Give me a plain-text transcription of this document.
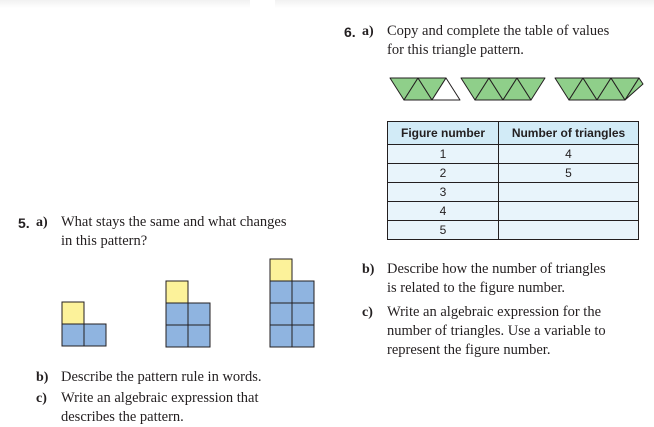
6. a) Copy and complete the table of values
for this triangle pattern.
Figure number	Number of triangles
1	4
2	5
3	
4	
5	
b) Describe how the number of triangles
is related to the figure number.
c) Write an algebraic expression for the
number of triangles. Use a variable to
represent the figure number.
5. a) What stays the same and what changes
in this pattern?
b) Describe the pattern rule in words.
c) Write an algebraic expression that
describes the pattern.
